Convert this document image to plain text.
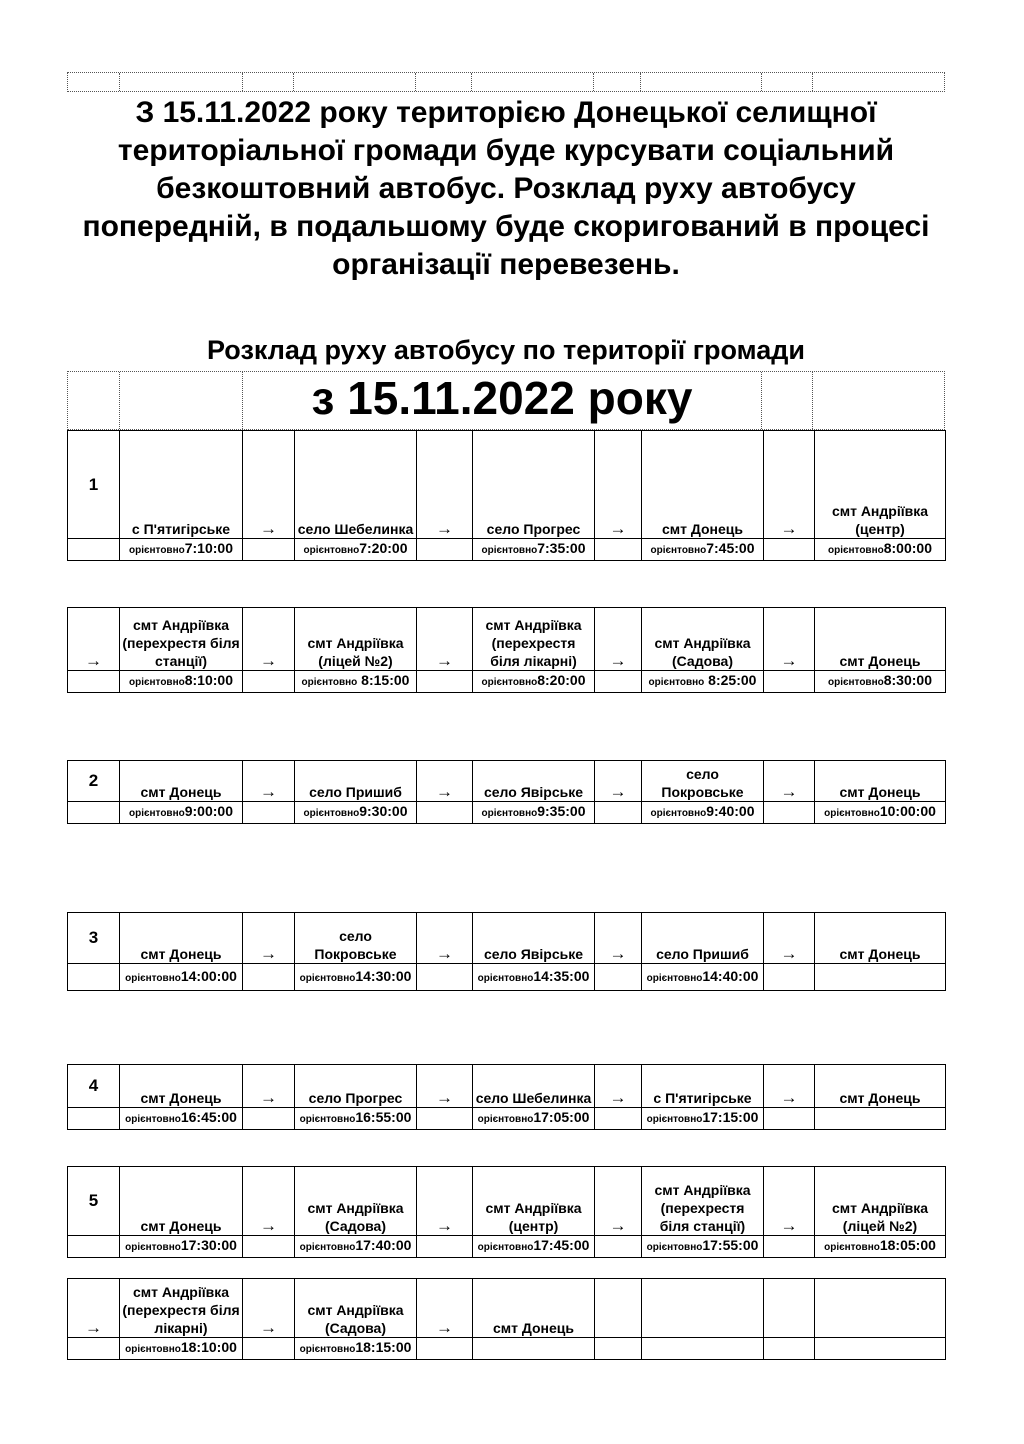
З 15.11.2022 року територією Донецької селищної територіальної громади буде курсувати соціальний безкоштовний автобус. Розклад руху автобусу попередній, в подальшому буде скоригований в процесі організації перевезень.

Розклад руху автобусу по території громади

з 15.11.2022 року
1	с П'ятигірське	→	село Шебелинка	→	село Прогрес	→	смт Донець	→	смт Андріївка (центр)
	орієнтовно7:10:00		орієнтовно7:20:00		орієнтовно7:35:00		орієнтовно7:45:00		орієнтовно8:00:00

→	смт Андріївка (перехрестя біля станції)	→	смт Андріївка (ліцей №2)	→	смт Андріївка (перехрестя біля лікарні)	→	смт Андріївка (Садова)	→	смт Донець
	орієнтовно8:10:00		орієнтовно 8:15:00		орієнтовно8:20:00		орієнтовно 8:25:00		орієнтовно8:30:00
2	смт Донець	→	село Пришиб	→	село Явірське	→	село Покровське	→	смт Донець
	орієнтовно9:00:00		орієнтовно9:30:00		орієнтовно9:35:00		орієнтовно9:40:00		орієнтовно10:00:00
3	смт Донець	→	село Покровське	→	село Явірське	→	село Пришиб	→	смт Донець
	орієнтовно14:00:00		орієнтовно14:30:00		орієнтовно14:35:00		орієнтовно14:40:00		
4	смт Донець	→	село Прогрес	→	село Шебелинка	→	с П'ятигірське	→	смт Донець
	орієнтовно16:45:00		орієнтовно16:55:00		орієнтовно17:05:00		орієнтовно17:15:00		
5	смт Донець	→	смт Андріївка (Садова)	→	смт Андріївка (центр)	→	смт Андріївка (перехрестя біля станції)	→	смт Андріївка (ліцей №2)
	орієнтовно17:30:00		орієнтовно17:40:00		орієнтовно17:45:00		орієнтовно17:55:00		орієнтовно18:05:00

→	смт Андріївка (перехрестя біля лікарні)	→	смт Андріївка (Садова)	→	смт Донець				
	орієнтовно18:10:00		орієнтовно18:15:00						
